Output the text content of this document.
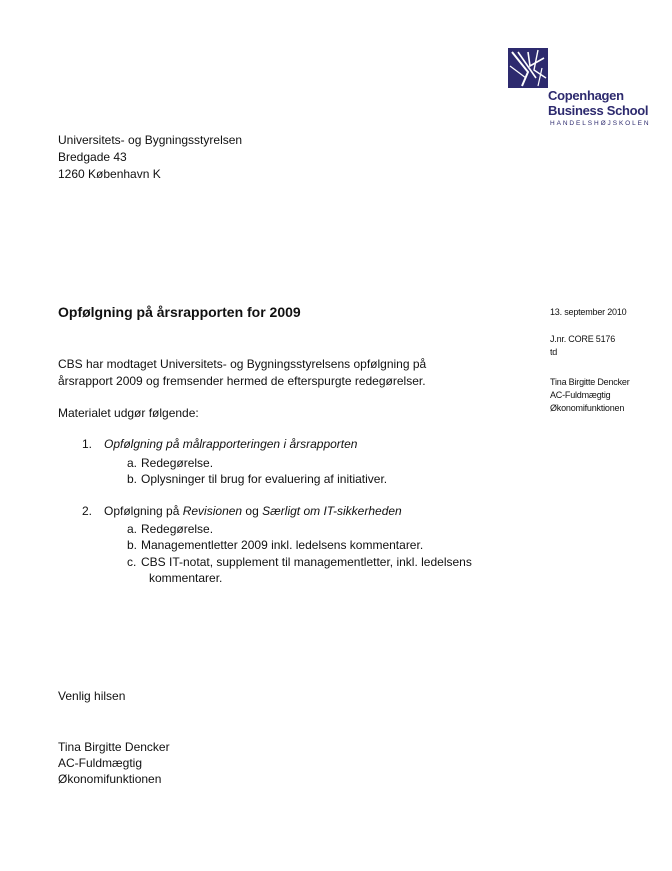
Copenhagen
Business School
HANDELSHØJSKOLEN
Universitets- og Bygningsstyrelsen
Bredgade 43
1260 København K
Opfølgning på årsrapporten for 2009	13. september 2010
J.nr. CORE 5176
td
Tina Birgitte Dencker
AC-Fuldmægtig
Økonomifunktionen
CBS har modtaget Universitets- og Bygningsstyrelsens opfølgning på
årsrapport 2009 og fremsender hermed de efterspurgte redegørelser.
Materialet udgør følgende:
1. Opfølgning på målrapporteringen i årsrapporten
a. Redegørelse.
b. Oplysninger til brug for evaluering af initiativer.
2. Opfølgning på Revisionen og Særligt om IT-sikkerheden
a. Redegørelse.
b. Managementletter 2009 inkl. ledelsens kommentarer.
c. CBS IT-notat, supplement til managementletter, inkl. ledelsens
kommentarer.
Venlig hilsen
Tina Birgitte Dencker
AC-Fuldmægtig
Økonomifunktionen
